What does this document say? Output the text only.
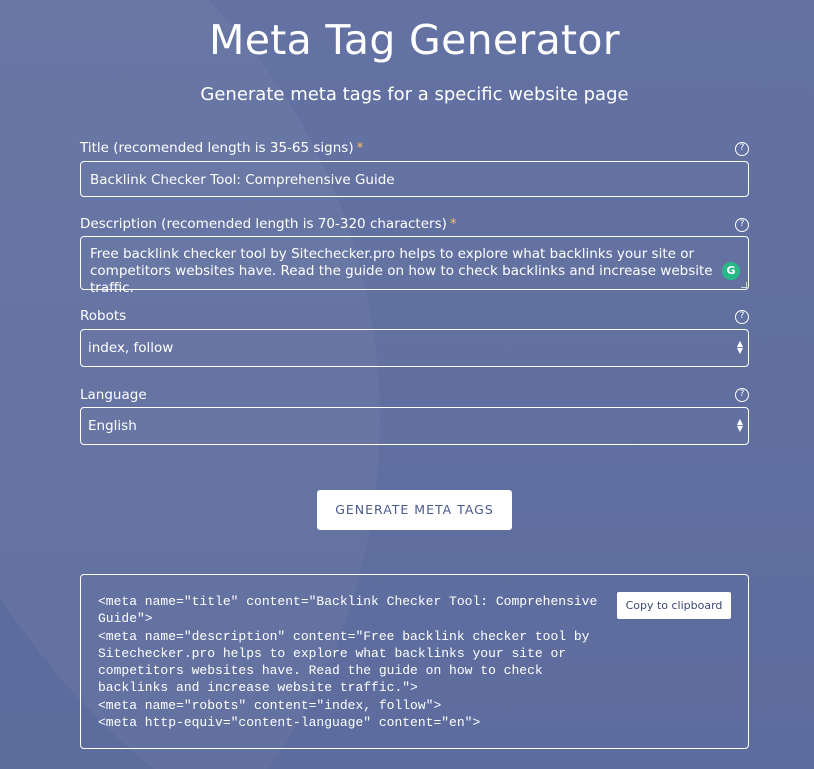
Meta Tag Generator
Generate meta tags for a specific website page
Title (recomended length is 35-65 signs) *	?
Backlink Checker Tool: Comprehensive Guide
Description (recomended length is 70-320 characters) *	?
Free backlink checker tool by Sitechecker.pro helps to explore what backlinks your site or competitors websites have. Read the guide on how to check backlinks and increase website traffic.
G
Robots	?
index, follow	▲
▼
Language	?
English	▲
▼
GENERATE META TAGS
<meta name="title" content="Backlink Checker Tool: Comprehensive Guide">
<meta name="description" content="Free backlink checker tool by Sitechecker.pro helps to explore what backlinks your site or competitors websites have. Read the guide on how to check backlinks and increase website traffic.">
<meta name="robots" content="index, follow">
<meta http-equiv="content-language" content="en">
Copy to clipboard
